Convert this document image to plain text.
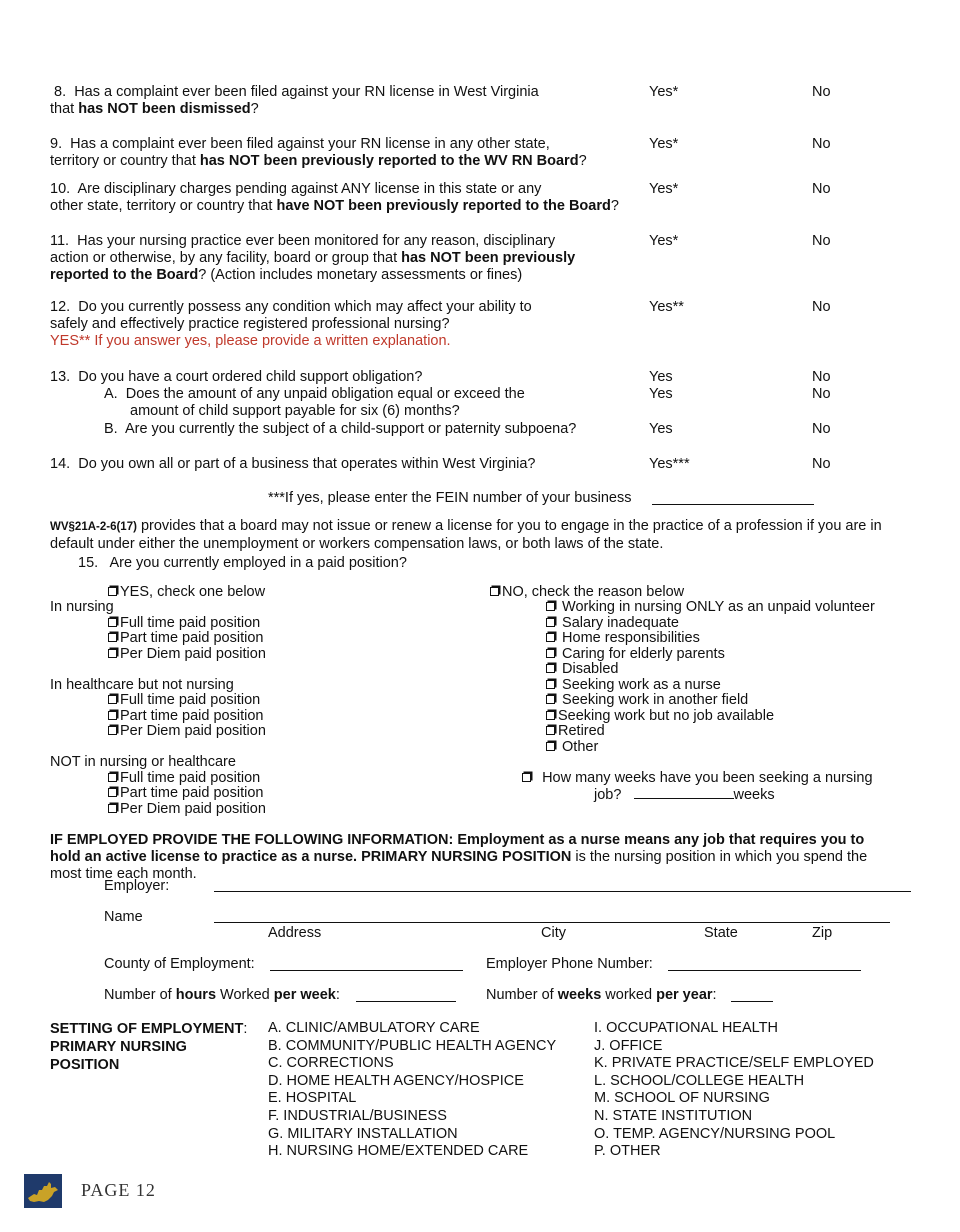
8. Has a complaint ever been filed against your RN license in West Virginia
that has NOT been dismissed?
Yes*	No
9. Has a complaint ever been filed against your RN license in any other state,
territory or country that has NOT been previously reported to the WV RN Board?
Yes*	No
10. Are disciplinary charges pending against ANY license in this state or any
other state, territory or country that have NOT been previously reported to the Board?
Yes*	No
11. Has your nursing practice ever been monitored for any reason, disciplinary
action or otherwise, by any facility, board or group that has NOT been previously
reported to the Board? (Action includes monetary assessments or fines)
Yes*	No
12. Do you currently possess any condition which may affect your ability to
safely and effectively practice registered professional nursing?
YES** If you answer yes, please provide a written explanation.
Yes**	No
13. Do you have a court ordered child support obligation?	Yes	No
A. Does the amount of any unpaid obligation equal or exceed the
amount of child support payable for six (6) months?
Yes	No
B. Are you currently the subject of a child-support or paternity subpoena?	Yes	No
14. Do you own all or part of a business that operates within West Virginia?	Yes***	No
***If yes, please enter the FEIN number of your business
WV§21A-2-6(17) provides that a board may not issue or renew a license for you to engage in the practice of a profession if you are in
default under either the unemployment or workers compensation laws, or both laws of the state.
15. Are you currently employed in a paid position?
YES, check one below
In nursing
Full time paid position
Part time paid position
Per Diem paid position
In healthcare but not nursing
Full time paid position
Part time paid position
Per Diem paid position
NOT in nursing or healthcare
Full time paid position
Part time paid position
Per Diem paid position
NO, check the reason below
Working in nursing ONLY as an unpaid volunteer
Salary inadequate
Home responsibilities
Caring for elderly parents
Disabled
Seeking work as a nurse
Seeking work in another field
Seeking work but no job available
Retired
Other
How many weeks have you been seeking a nursing
job?	weeks
IF EMPLOYED PROVIDE THE FOLLOWING INFORMATION: Employment as a nurse means any job that requires you to
hold an active license to practice as a nurse. PRIMARY NURSING POSITION is the nursing position in which you spend the
most time each month.
Employer:
Name
Address	City	State	Zip
County of Employment:	Employer Phone Number:
Number of hours Worked per week:	Number of weeks worked per year:
SETTING OF EMPLOYMENT:
PRIMARY NURSING
POSITION
A. CLINIC/AMBULATORY CARE
B. COMMUNITY/PUBLIC HEALTH AGENCY
C. CORRECTIONS
D. HOME HEALTH AGENCY/HOSPICE
E. HOSPITAL
F. INDUSTRIAL/BUSINESS
G. MILITARY INSTALLATION
H. NURSING HOME/EXTENDED CARE
I. OCCUPATIONAL HEALTH
J. OFFICE
K. PRIVATE PRACTICE/SELF EMPLOYED
L. SCHOOL/COLLEGE HEALTH
M. SCHOOL OF NURSING
N. STATE INSTITUTION
O. TEMP. AGENCY/NURSING POOL
P. OTHER
PAGE 12
